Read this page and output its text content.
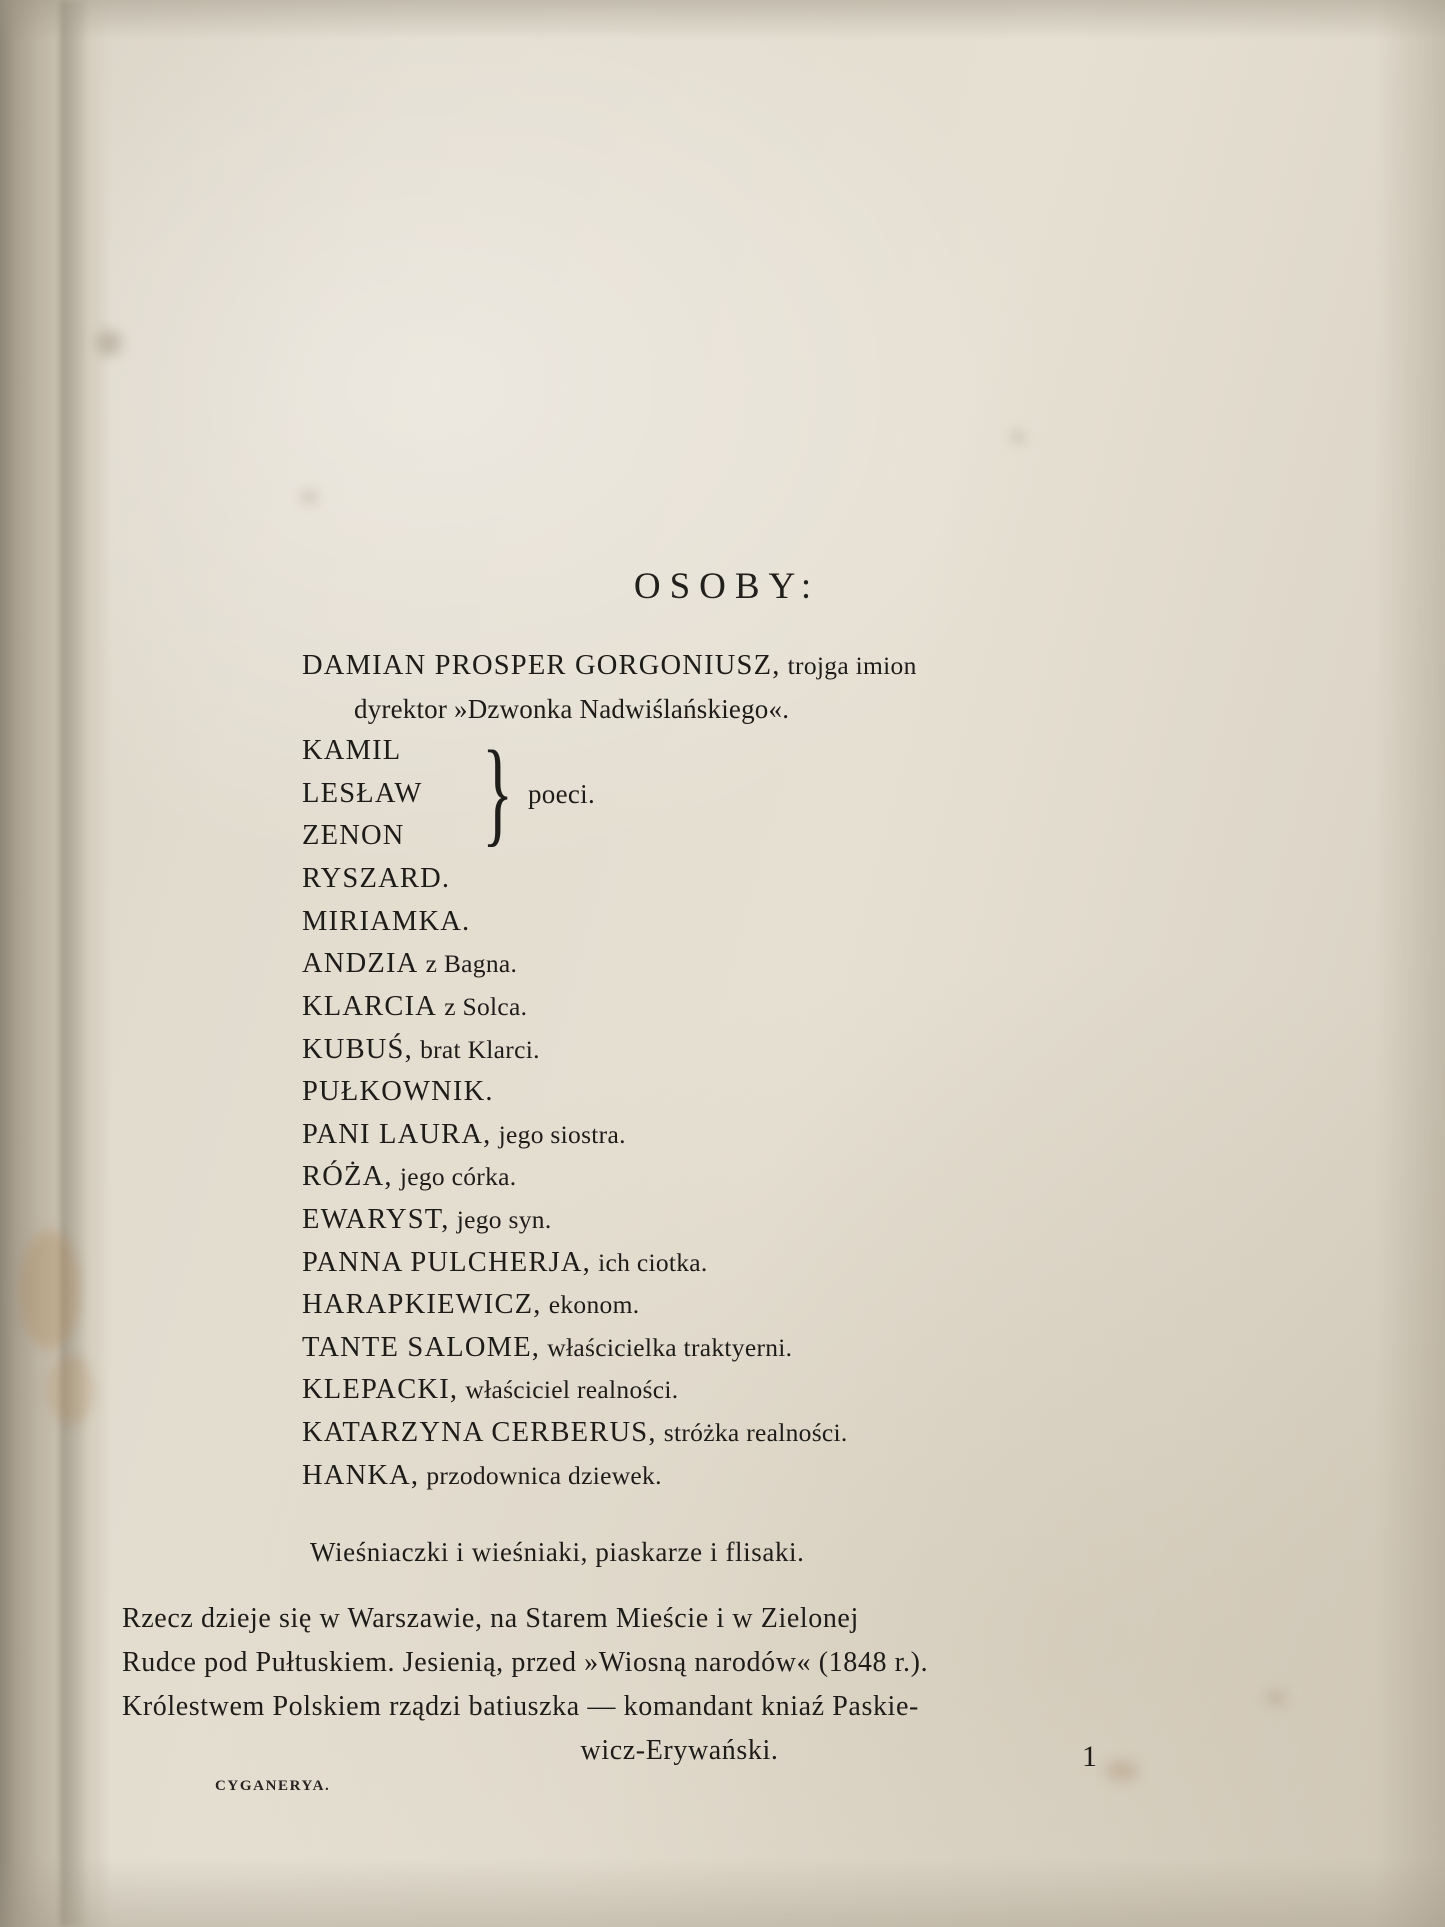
OSOBY:
DAMIAN PROSPER GORGONIUSZ, trojga imion
dyrektor »Dzwonka Nadwiślańskiego«.
KAMIL
LESŁAW
ZENON } poeci.
RYSZARD.
MIRIAMKA.
ANDZIA z Bagna.
KLARCIA z Solca.
KUBUŚ, brat Klarci.
PUŁKOWNIK.
PANI LAURA, jego siostra.
RÓŻA, jego córka.
EWARYST, jego syn.
PANNA PULCHERJA, ich ciotka.
HARAPKIEWICZ, ekonom.
TANTE SALOME, właścicielka traktyerni.
KLEPACKI, właściciel realności.
KATARZYNA CERBERUS, stróżka realności.
HANKA, przodownica dziewek.
Wieśniaczki i wieśniaki, piaskarze i flisaki.
Rzecz dzieje się w Warszawie, na Starem Mieście i w Zielonej
Rudce pod Pułtuskiem. Jesienią, przed »Wiosną narodów« (1848 r.).
Królestwem Polskiem rządzi batiuszka — komandant kniaź Paskie-
wicz-Erywański.
CYGANERYA.
1
